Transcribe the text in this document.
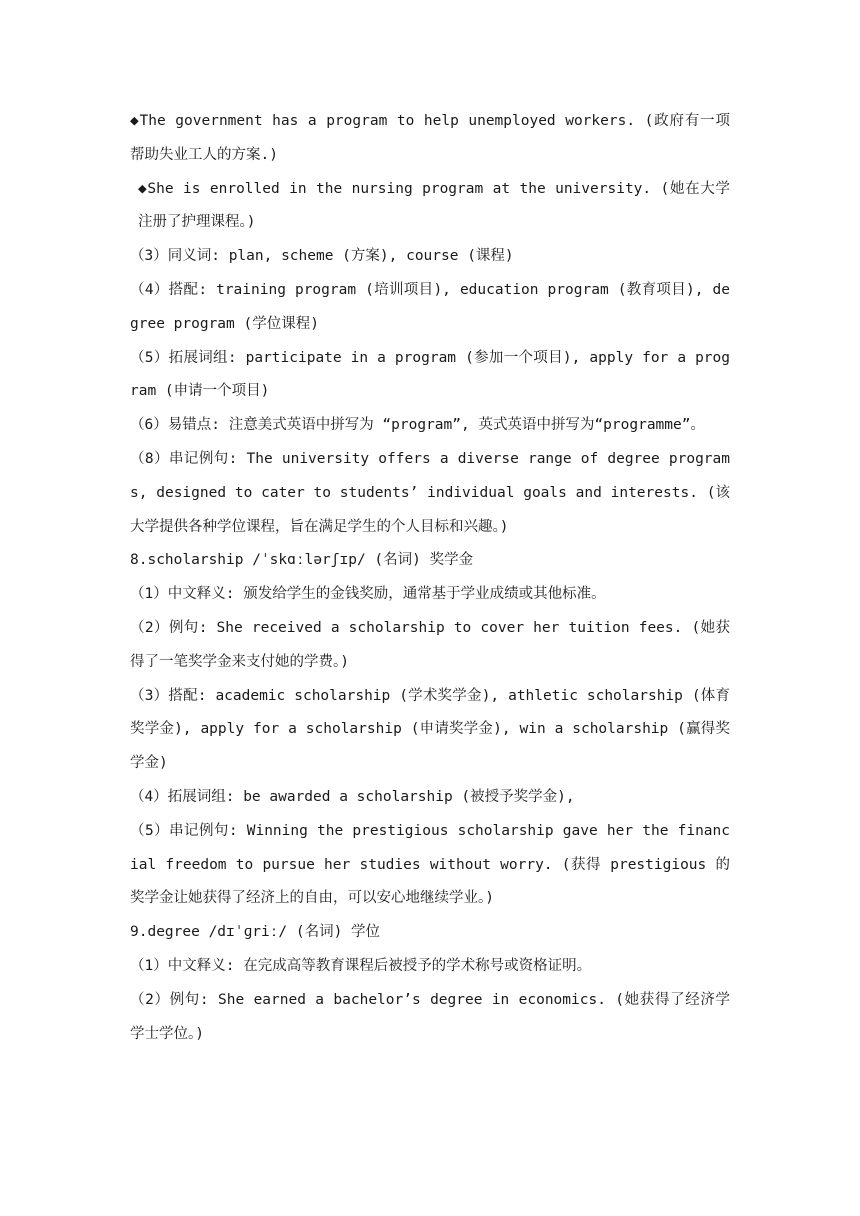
◆The government has a program to help unemployed workers. (政府有一项帮助失业工人的方案.)

◆She is enrolled in the nursing program at the university. (她在大学注册了护理课程。)

（3）同义词: plan, scheme (方案), course (课程)

（4）搭配: training program (培训项目), education program (教育项目), degree program (学位课程)

（5）拓展词组: participate in a program (参加一个项目), apply for a program (申请一个项目)

（6）易错点: 注意美式英语中拼写为 “program”, 英式英语中拼写为“programme”。

（8）串记例句: The university offers a diverse range of degree programs, designed to cater to students’ individual goals and interests. (该大学提供各种学位课程，旨在满足学生的个人目标和兴趣。)

8.scholarship /ˈskɑːlərʃɪp/ (名词) 奖学金

（1）中文释义: 颁发给学生的金钱奖励，通常基于学业成绩或其他标准。

（2）例句: She received a scholarship to cover her tuition fees. (她获得了一笔奖学金来支付她的学费。)

（3）搭配: academic scholarship (学术奖学金), athletic scholarship (体育奖学金), apply for a scholarship (申请奖学金), win a scholarship (赢得奖学金)

（4）拓展词组: be awarded a scholarship (被授予奖学金),

（5）串记例句: Winning the prestigious scholarship gave her the financial freedom to pursue her studies without worry. (获得 prestigious 的奖学金让她获得了经济上的自由，可以安心地继续学业。)

9.degree /dɪˈɡriː/ (名词) 学位

（1）中文释义: 在完成高等教育课程后被授予的学术称号或资格证明。

（2）例句: She earned a bachelor’s degree in economics. (她获得了经济学学士学位。)
